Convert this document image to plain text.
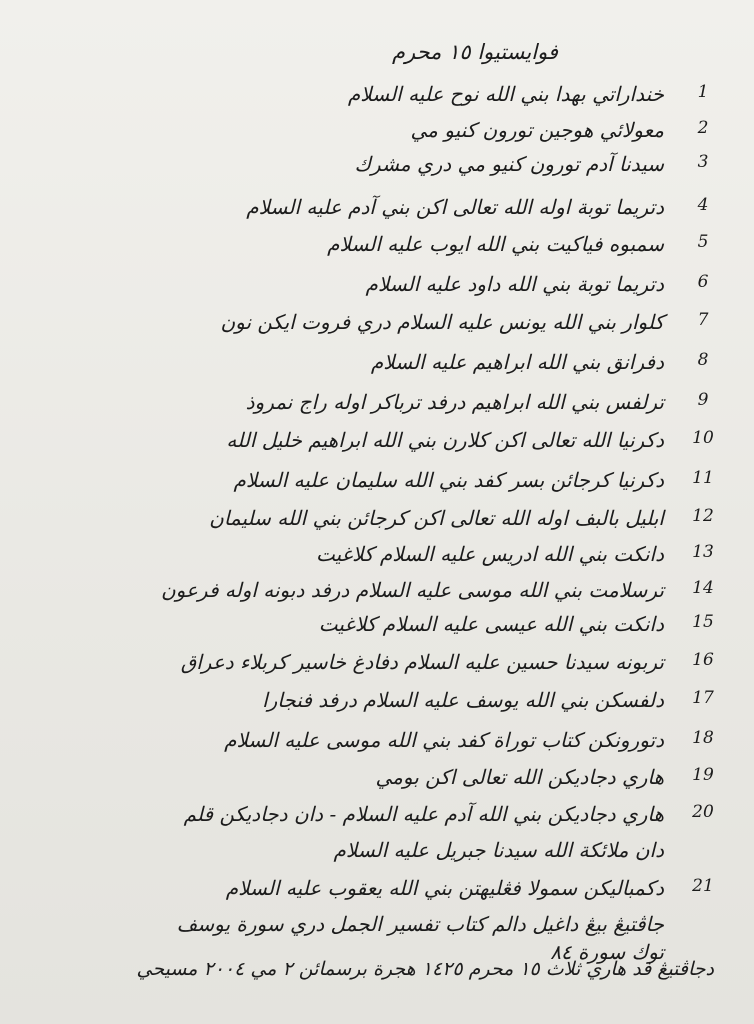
فوايستيوا ١٥ محرم
1
خنداراتي بهدا بني الله نوح عليه السلام
2
معولائي هوجين تورون كنيو مي
3
سيدنا آدم تورون كنيو مي دري مشرك
4
دتريما توبة اوله الله تعالى اكن بني آدم عليه السلام
5
سمبوه فياكيت بني الله ايوب عليه السلام
6
دتريما توبة بني الله داود عليه السلام
7
كلوار بني الله يونس عليه السلام دري فروت ايكن نون
8
دفرانق بني الله ابراهيم عليه السلام
9
ترلفس بني الله ابراهيم درفد ترباكر اوله راج نمروذ
10
دكرنيا الله تعالى اكن كلارن بني الله ابراهيم خليل الله
11
دكرنيا كرجائن بسر كفد بني الله سليمان عليه السلام
12
ابليل بالبف اوله الله تعالى اكن كرجائن بني الله سليمان
13
دانكت بني الله ادريس عليه السلام كلاغيت
14
ترسلامت بني الله موسى عليه السلام درفد دبونه اوله فرعون
15
دانكت بني الله عيسى عليه السلام كلاغيت
16
تربونه سيدنا حسين عليه السلام دفادغ خاسير كربلاء دعراق
17
دلفسكن بني الله يوسف عليه السلام درفد فنجارا
18
دتورونكن كتاب توراة كفد بني الله موسى عليه السلام
19
هاري دجاديكن الله تعالى اكن بومي
20
هاري دجاديكن بني الله آدم عليه السلام - دان دجاديكن قلم
دان ملائكة الله سيدنا جبريل عليه السلام
21
دكمباليكن سمولا فڠليهتن بني الله يعقوب عليه السلام
جاڤتيڠ بيڠ داغيل دالم كتاب تفسير الجمل دري سورة يوسف
توك سورة ٨٤
دجاڤتيڠ فد هاري ثلاث ١٥ محرم ١٤٢٥ هجرة برسمائن ٢ مي ٢٠٠٤ مسيحي
